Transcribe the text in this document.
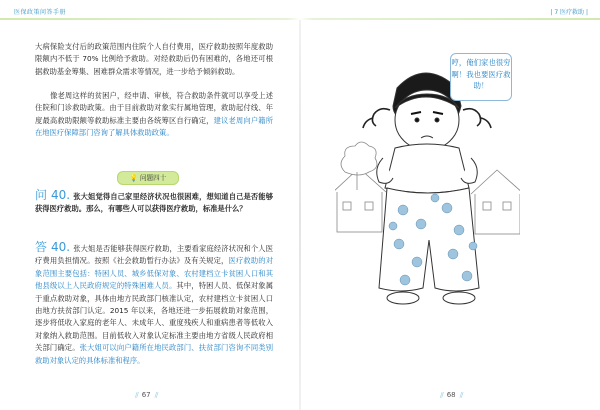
医保政策问答手册	| 7 医疗救助 |

大病保险支付后的政策范围内住院个人自付费用，医疗救助按照年度救助限额内不低于 70% 比例给予救助。对经救助后仍有困难的，各地还可根据救助基金筹集、困难群众需求等情况，进一步给予倾斜救助。

像老周这样的贫困户，经申请、审核，符合救助条件就可以享受上述住院和门诊救助政策。由于目前救助对象实行属地管理，救助起付线、年度最高救助限额等救助标准主要由各统筹区自行确定，建议老周向户籍所在地医疗保障部门咨询了解具体救助政策。

💡 问题四十

问 40. 张大姐觉得自己家里经济状况也很困难，想知道自己是否能够获得医疗救助。那么，有哪些人可以获得医疗救助，标准是什么？

答 40. 张大姐是否能够获得医疗救助，主要看家庭经济状况和个人医疗费用负担情况。按照《社会救助暂行办法》及有关规定，医疗救助的对象范围主要包括：特困人员、城乡低保对象、农村建档立卡贫困人口和其他县级以上人民政府规定的特殊困难人员。其中，特困人员、低保对象属于重点救助对象，具体由地方民政部门核准认定，农村建档立卡贫困人口由地方扶贫部门认定。2015 年以来，各地还进一步拓展救助对象范围，逐步将低收入家庭的老年人、未成年人、重度残疾人和重病患者等低收入对象纳入救助范围。目前低收入对象认定标准主要由地方省级人民政府相关部门确定。张大姐可以向户籍所在地民政部门、扶贫部门咨询不同类别救助对象认定的具体标准和程序。

// 67 //
哼，俺们家也很穷啊！我也要医疗救助！
// 68 //
